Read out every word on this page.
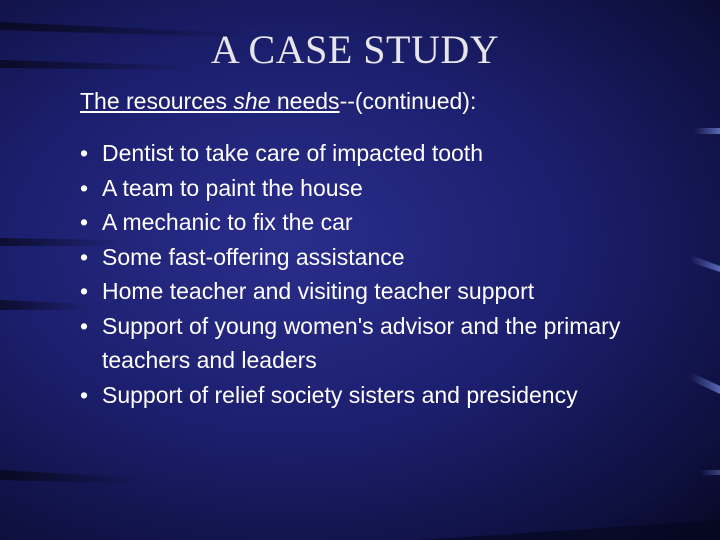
A CASE STUDY
The resources she needs--(continued):
• Dentist to take care of impacted tooth
• A team to paint the house
• A mechanic to fix the car
• Some fast-offering assistance
• Home teacher and visiting teacher support
• Support of young women's advisor and the primary teachers and leaders
• Support of relief society sisters and presidency
